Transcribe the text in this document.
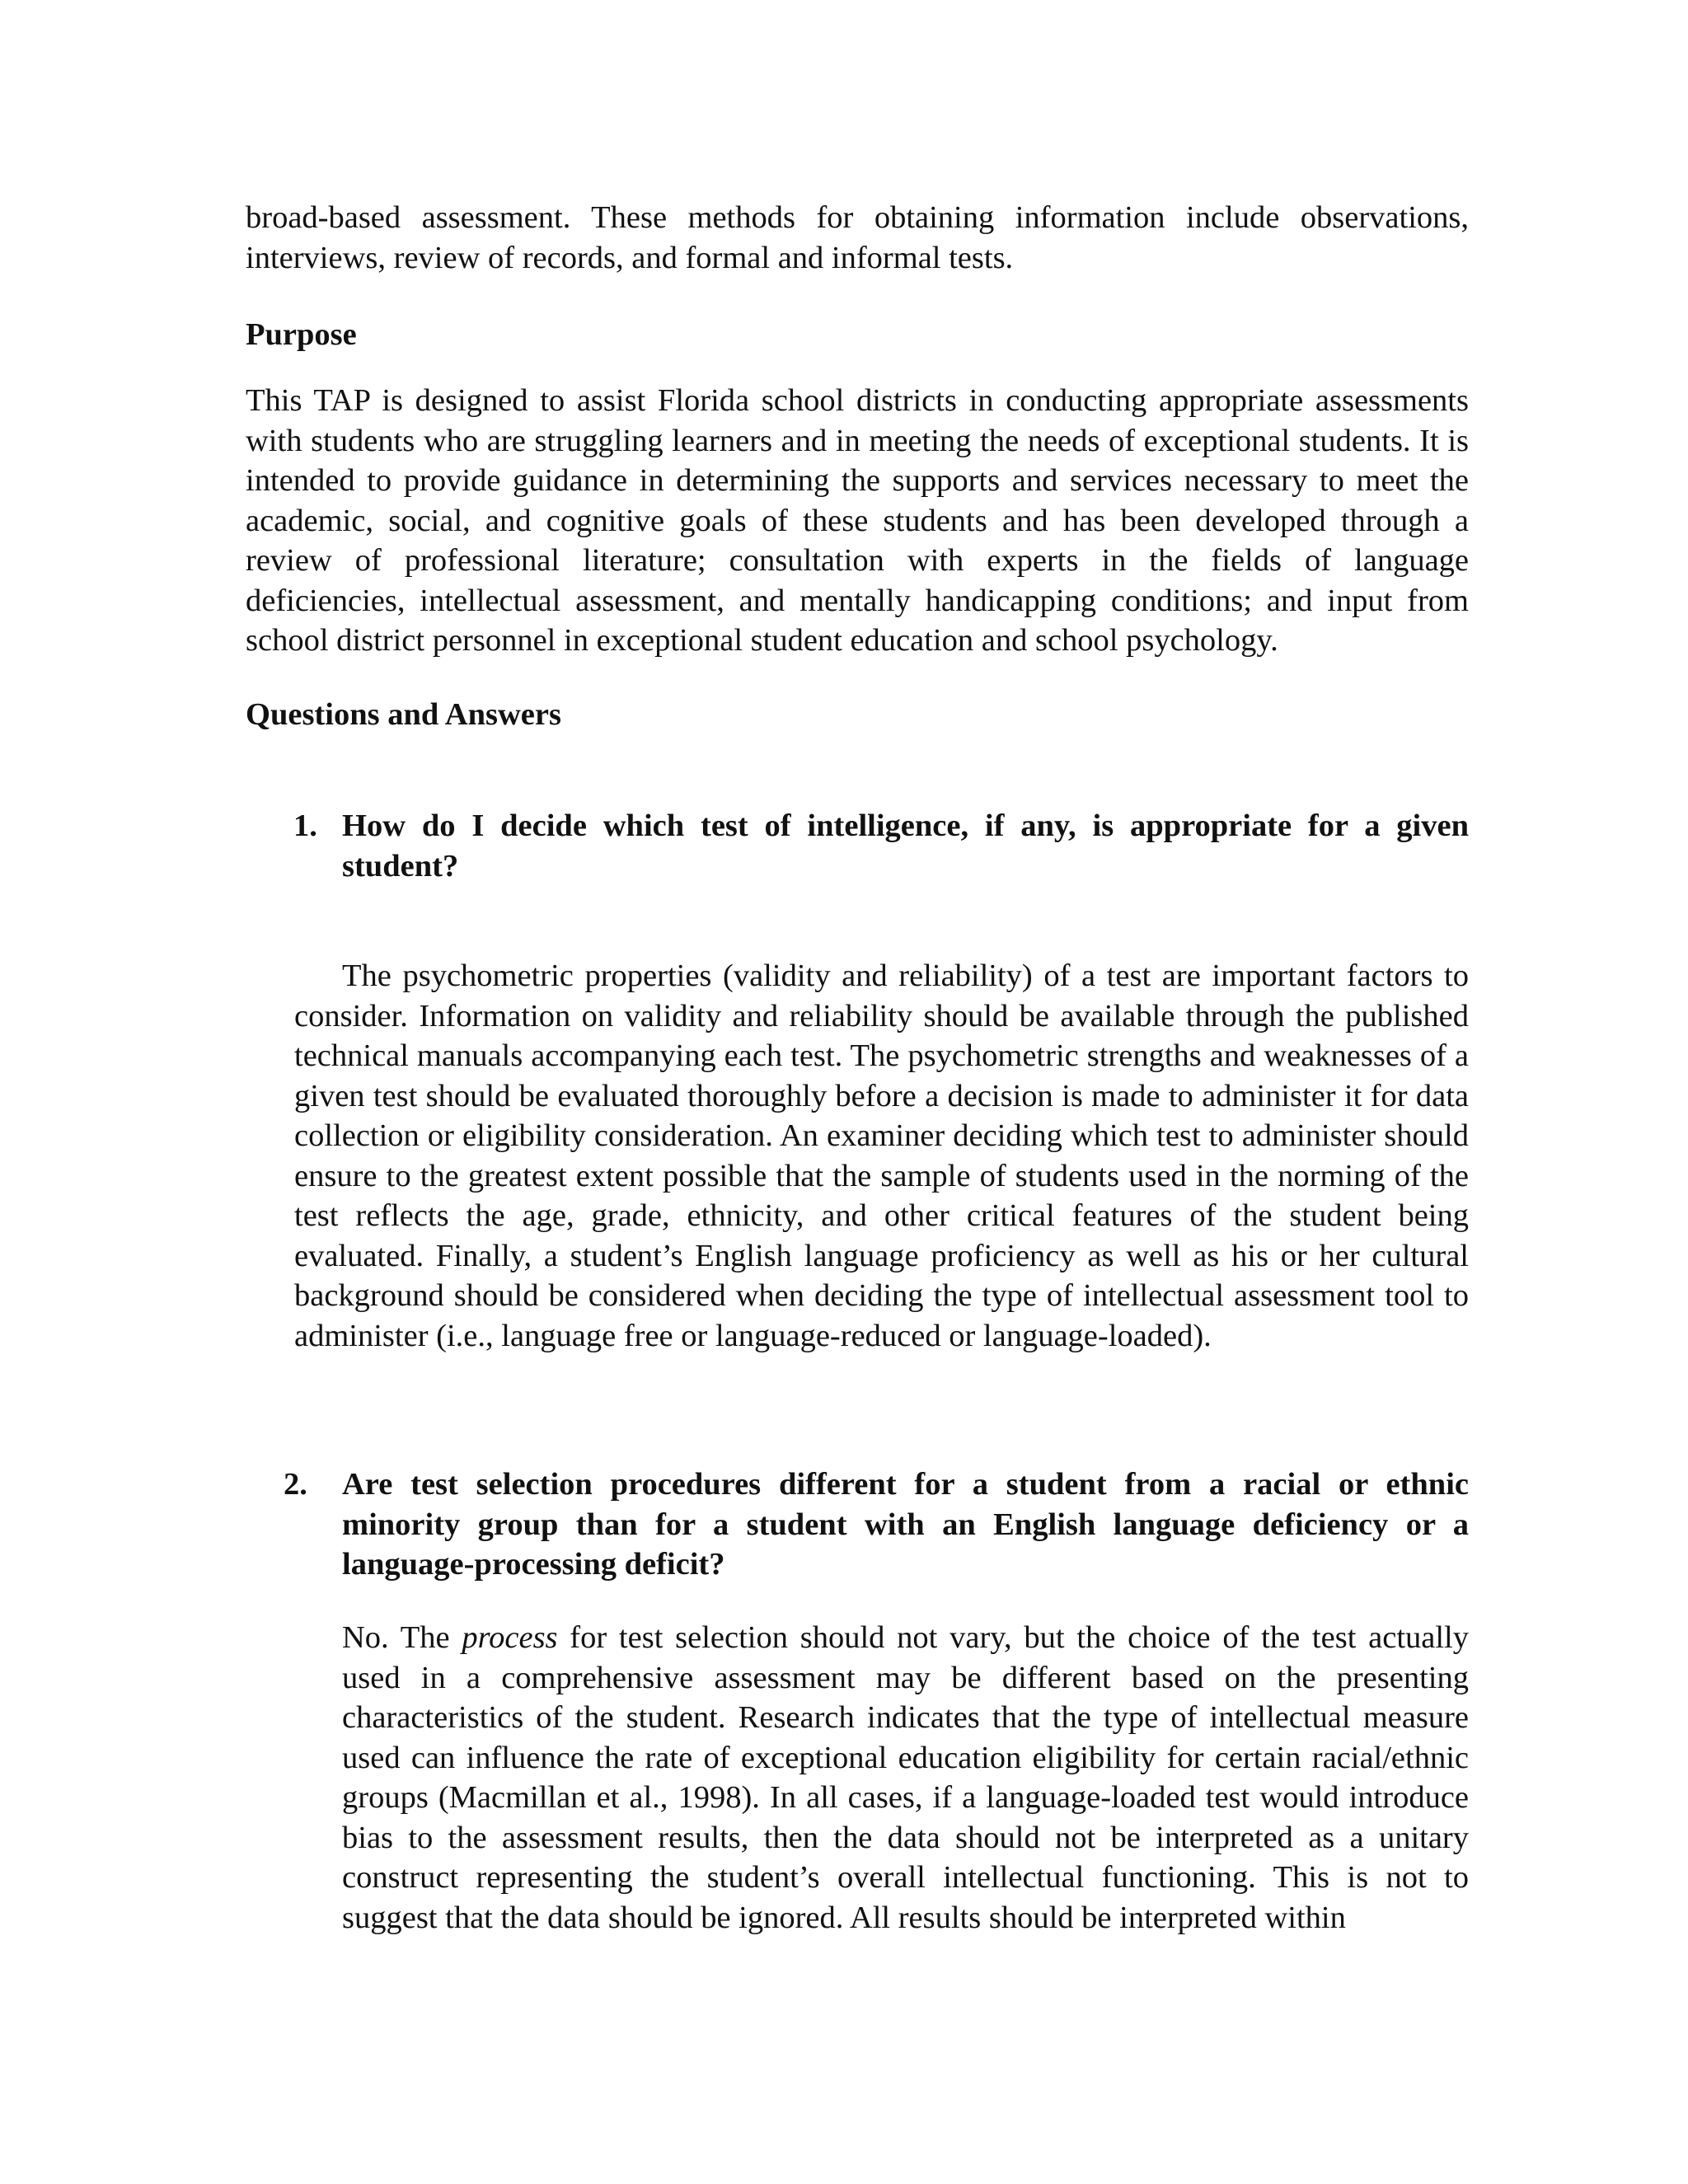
broad-based assessment. These methods for obtaining information include observations, interviews, review of records, and formal and informal tests.

Purpose

This TAP is designed to assist Florida school districts in conducting appropriate assessments with students who are struggling learners and in meeting the needs of exceptional students. It is intended to provide guidance in determining the supports and services necessary to meet the academic, social, and cognitive goals of these students and has been developed through a review of professional literature; consultation with experts in the fields of language deficiencies, intellectual assessment, and mentally handicapping conditions; and input from school district personnel in exceptional student education and school psychology.

Questions and Answers
1. How do I decide which test of intelligence, if any, is appropriate for a given student?

The psychometric properties (validity and reliability) of a test are important factors to consider. Information on validity and reliability should be available through the published technical manuals accompanying each test. The psychometric strengths and weaknesses of a given test should be evaluated thoroughly before a decision is made to administer it for data collection or eligibility consideration. An examiner deciding which test to administer should ensure to the greatest extent possible that the sample of students used in the norming of the test reflects the age, grade, ethnicity, and other critical features of the student being evaluated. Finally, a student’s English language proficiency as well as his or her cultural background should be considered when deciding the type of intellectual assessment tool to administer (i.e., language free or language-reduced or language-loaded).

2. Are test selection procedures different for a student from a racial or ethnic minority group than for a student with an English language deficiency or a language-processing deficit?

No. The process for test selection should not vary, but the choice of the test actually used in a comprehensive assessment may be different based on the presenting characteristics of the student. Research indicates that the type of intellectual measure used can influence the rate of exceptional education eligibility for certain racial/ethnic groups (Macmillan et al., 1998). In all cases, if a language-loaded test would introduce bias to the assessment results, then the data should not be interpreted as a unitary construct representing the student’s overall intellectual functioning. This is not to suggest that the data should be ignored. All results should be interpreted within
